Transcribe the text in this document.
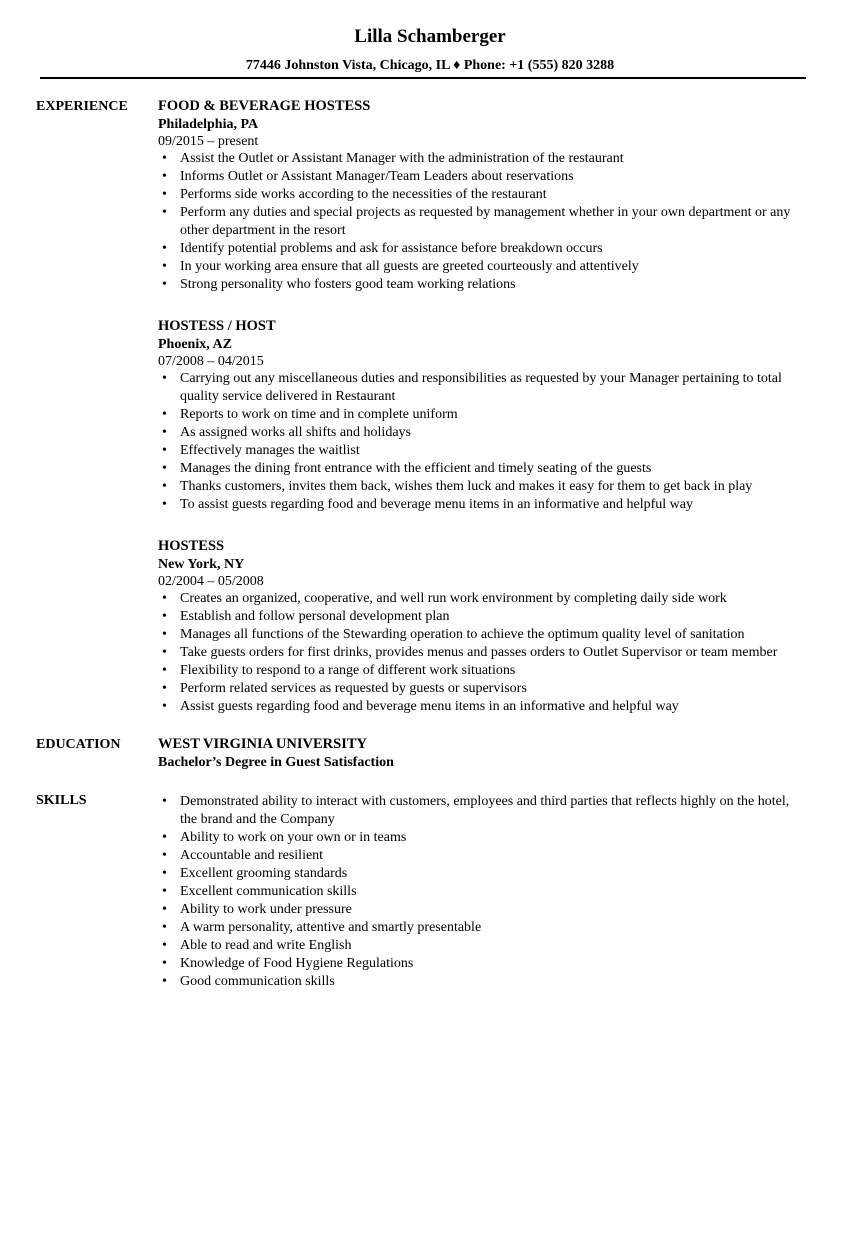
Lilla Schamberger
77446 Johnston Vista, Chicago, IL ♦ Phone: +1 (555) 820 3288
EXPERIENCE FOOD & BEVERAGE HOSTESS
Philadelphia, PA
09/2015 – present
• Assist the Outlet or Assistant Manager with the administration of the restaurant
• Informs Outlet or Assistant Manager/Team Leaders about reservations
• Performs side works according to the necessities of the restaurant
• Perform any duties and special projects as requested by management whether in your own department or any other department in the resort
• Identify potential problems and ask for assistance before breakdown occurs
• In your working area ensure that all guests are greeted courteously and attentively
• Strong personality who fosters good team working relations
HOSTESS / HOST
Phoenix, AZ
07/2008 – 04/2015
• Carrying out any miscellaneous duties and responsibilities as requested by your Manager pertaining to total quality service delivered in Restaurant
• Reports to work on time and in complete uniform
• As assigned works all shifts and holidays
• Effectively manages the waitlist
• Manages the dining front entrance with the efficient and timely seating of the guests
• Thanks customers, invites them back, wishes them luck and makes it easy for them to get back in play
• To assist guests regarding food and beverage menu items in an informative and helpful way
HOSTESS
New York, NY
02/2004 – 05/2008
• Creates an organized, cooperative, and well run work environment by completing daily side work
• Establish and follow personal development plan
• Manages all functions of the Stewarding operation to achieve the optimum quality level of sanitation
• Take guests orders for first drinks, provides menus and passes orders to Outlet Supervisor or team member
• Flexibility to respond to a range of different work situations
• Perform related services as requested by guests or supervisors
• Assist guests regarding food and beverage menu items in an informative and helpful way
EDUCATION	WEST VIRGINIA UNIVERSITY
Bachelor’s Degree in Guest Satisfaction
SKILLS
•	Demonstrated ability to interact with customers, employees and third parties that reflects highly on the hotel, the brand and the Company
• Ability to work on your own or in teams
• Accountable and resilient
• Excellent grooming standards
• Excellent communication skills
• Ability to work under pressure
• A warm personality, attentive and smartly presentable
• Able to read and write English
• Knowledge of Food Hygiene Regulations
• Good communication skills
